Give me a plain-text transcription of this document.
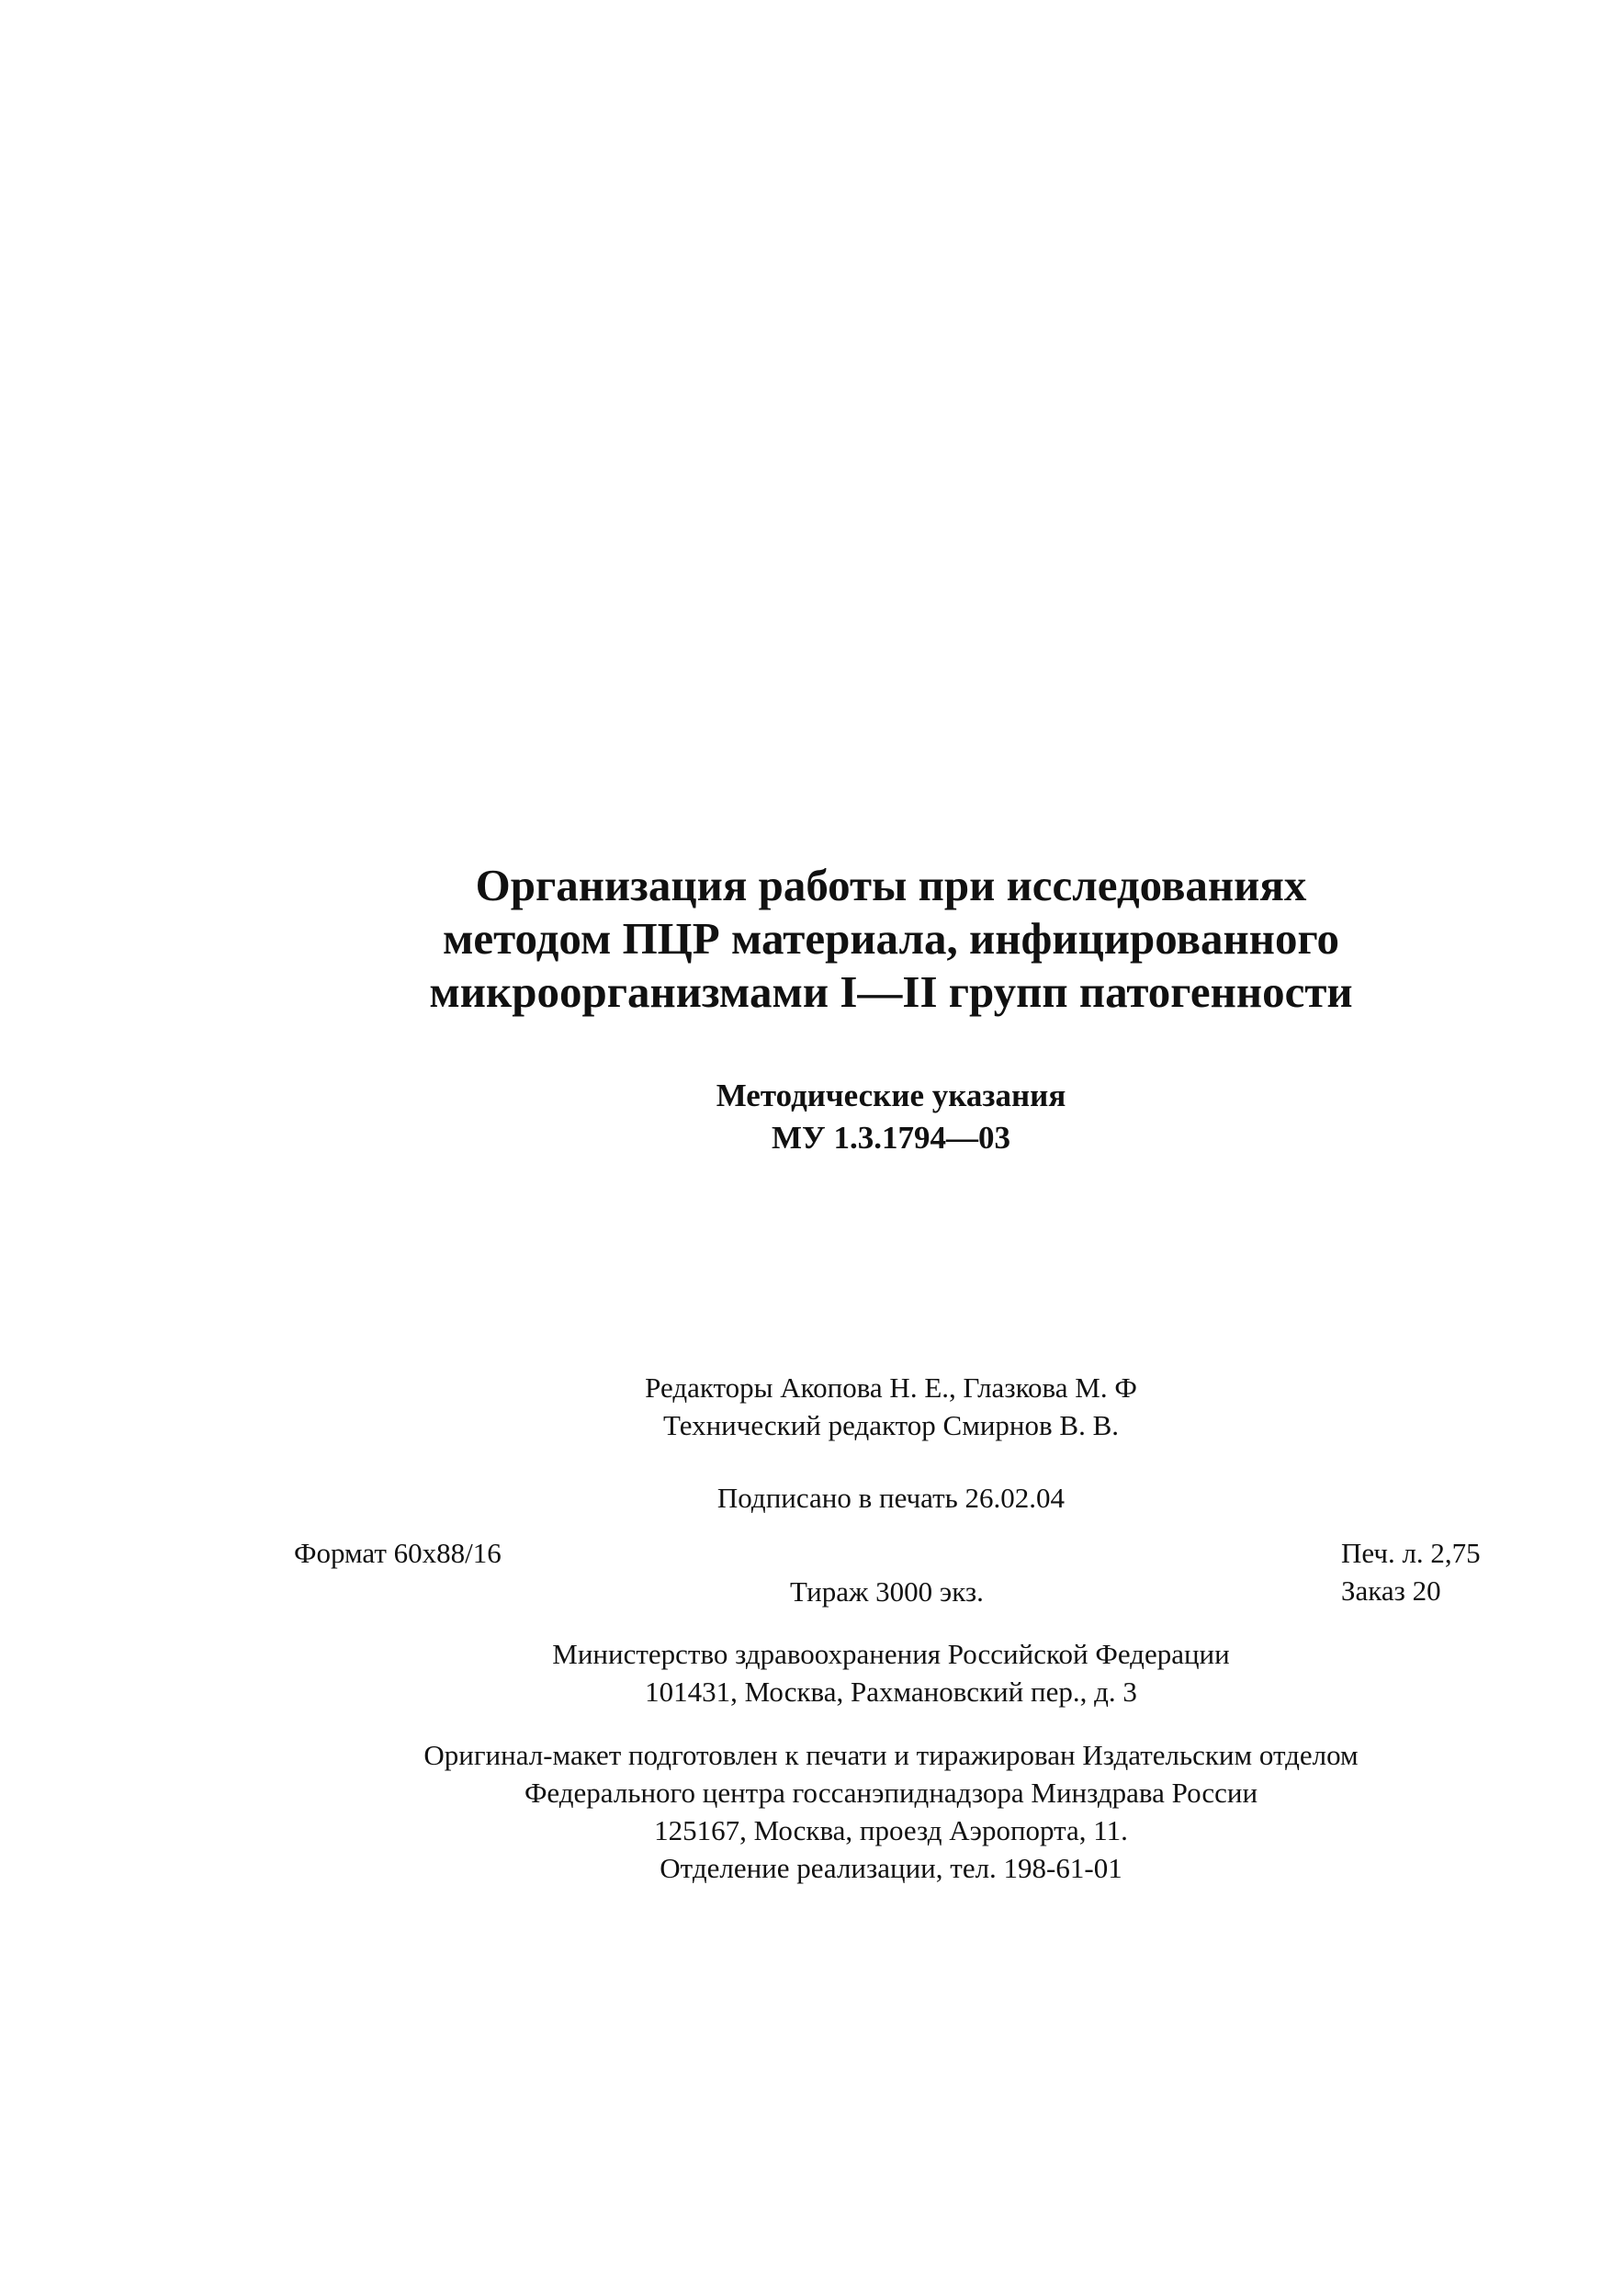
Организация работы при исследованиях
методом ПЦР материала, инфицированного
микроорганизмами I—II групп патогенности
Методические указания
МУ 1.3.1794—03
Редакторы Акопова Н. Е., Глазкова М. Ф
Технический редактор Смирнов В. В.
Подписано в печать 26.02.04
Формат 60x88/16	Печ. л. 2,75
Заказ 20
Тираж 3000 экз.
Министерство здравоохранения Российской Федерации
101431, Москва, Рахмановский пер., д. 3
Оригинал-макет подготовлен к печати и тиражирован Издательским отделом
Федерального центра госсанэпиднадзора Минздрава России
125167, Москва, проезд Аэропорта, 11.
Отделение реализации, тел. 198-61-01
